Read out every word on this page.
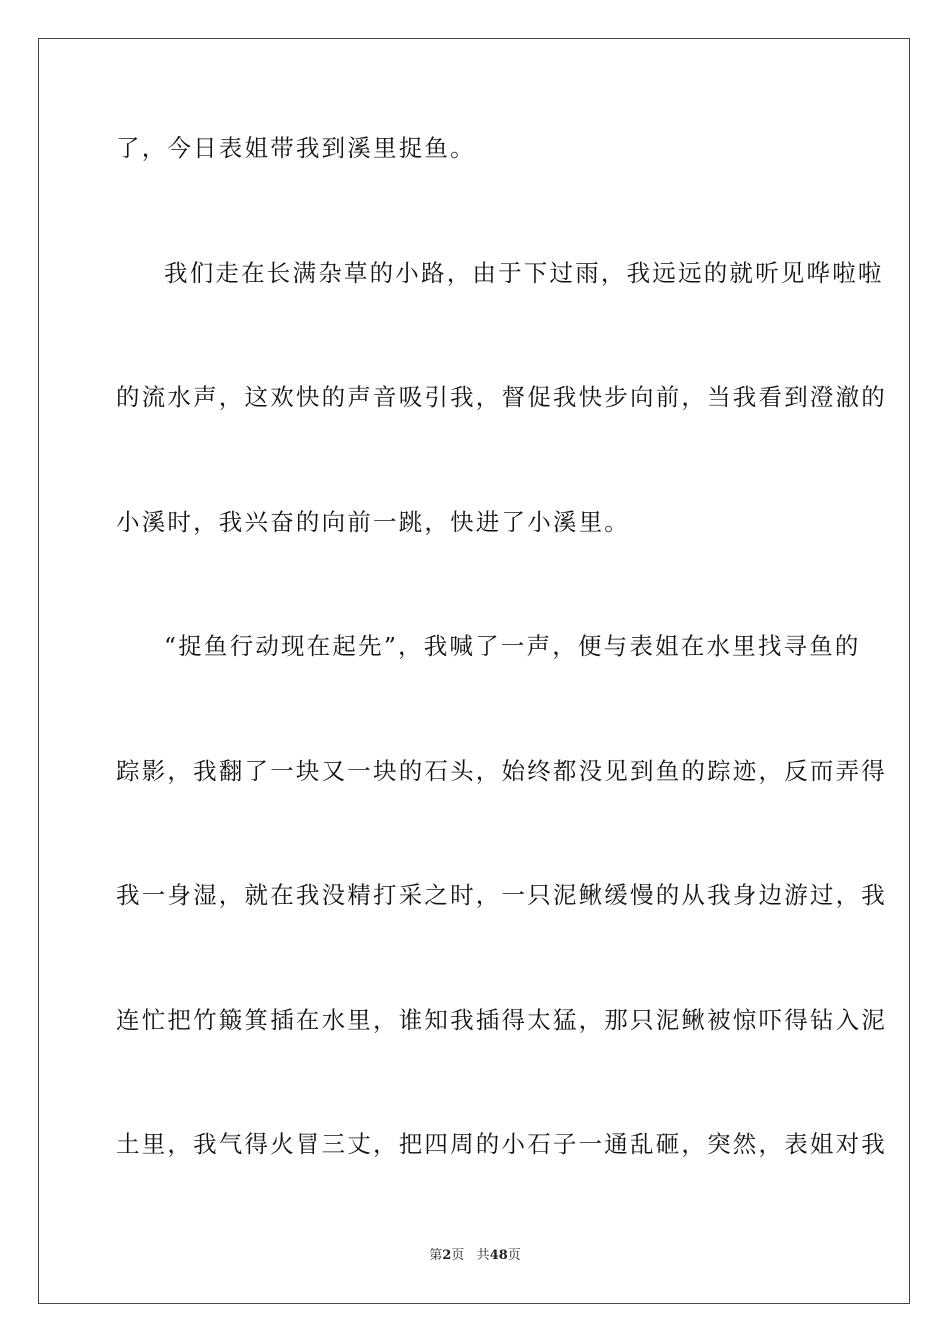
了，今日表姐带我到溪里捉鱼。
我们走在长满杂草的小路，由于下过雨，我远远的就听见哗啦啦
的流水声，这欢快的声音吸引我，督促我快步向前，当我看到澄澈的
小溪时，我兴奋的向前一跳，快进了小溪里。
“捉鱼行动现在起先”，我喊了一声，便与表姐在水里找寻鱼的
踪影，我翻了一块又一块的石头，始终都没见到鱼的踪迹，反而弄得
我一身湿，就在我没精打采之时，一只泥鳅缓慢的从我身边游过，我
连忙把竹簸箕插在水里，谁知我插得太猛，那只泥鳅被惊吓得钻入泥
土里，我气得火冒三丈，把四周的小石子一通乱砸，突然，表姐对我
第2页 共48页
